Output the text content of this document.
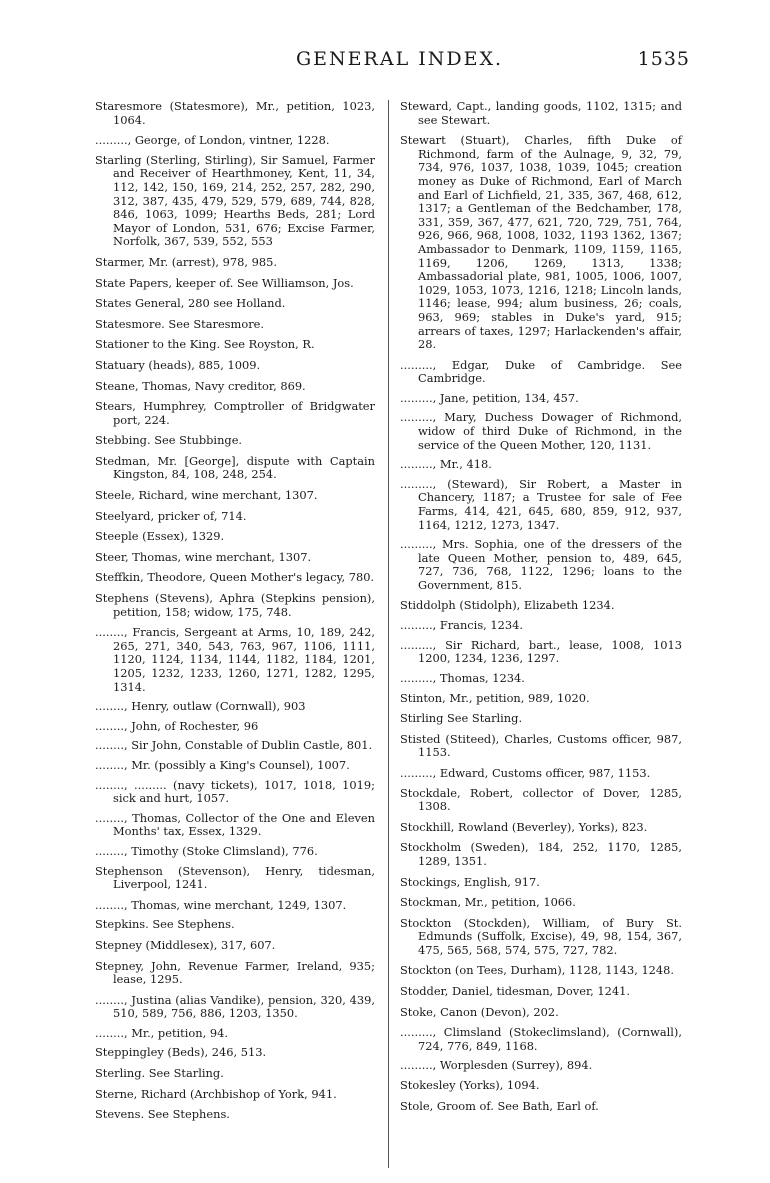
GENERAL INDEX.	1535
Staresmore (Statesmore), Mr., petition, 1023, 1064.
........., George, of London, vintner, 1228.
Starling (Sterling, Stirling), Sir Samuel, Farmer and Receiver of Hearthmoney, Kent, 11, 34, 112, 142, 150, 169, 214, 252, 257, 282, 290, 312, 387, 435, 479, 529, 579, 689, 744, 828, 846, 1063, 1099; Hearths Beds, 281; Lord Mayor of London, 531, 676; Excise Farmer, Norfolk, 367, 539, 552, 553
Starmer, Mr. (arrest), 978, 985.
State Papers, keeper of. See Williamson, Jos.
States General, 280 see Holland.
Statesmore. See Staresmore.
Stationer to the King. See Royston, R.
Statuary (heads), 885, 1009.
Steane, Thomas, Navy creditor, 869.
Stears, Humphrey, Comptroller of Bridgwater port, 224.
Stebbing. See Stubbinge.
Stedman, Mr. [George], dispute with Captain Kingston, 84, 108, 248, 254.
Steele, Richard, wine merchant, 1307.
Steelyard, pricker of, 714.
Steeple (Essex), 1329.
Steer, Thomas, wine merchant, 1307.
Steffkin, Theodore, Queen Mother's legacy, 780.
Stephens (Stevens), Aphra (Stepkins pension), petition, 158; widow, 175, 748.
........, Francis, Sergeant at Arms, 10, 189, 242, 265, 271, 340, 543, 763, 967, 1106, 1111, 1120, 1124, 1134, 1144, 1182, 1184, 1201, 1205, 1232, 1233, 1260, 1271, 1282, 1295, 1314.
........, Henry, outlaw (Cornwall), 903
........, John, of Rochester, 96
........, Sir John, Constable of Dublin Castle, 801.
........, Mr. (possibly a King's Counsel), 1007.
........, ......... (navy tickets), 1017, 1018, 1019; sick and hurt, 1057.
........, Thomas, Collector of the One and Eleven Months' tax, Essex, 1329.
........, Timothy (Stoke Climsland), 776.
Stephenson (Stevenson), Henry, tidesman, Liverpool, 1241.
........, Thomas, wine merchant, 1249, 1307.
Stepkins. See Stephens.
Stepney (Middlesex), 317, 607.
Stepney, John, Revenue Farmer, Ireland, 935; lease, 1295.
........, Justina (alias Vandike), pension, 320, 439, 510, 589, 756, 886, 1203, 1350.
........, Mr., petition, 94.
Steppingley (Beds), 246, 513.
Sterling. See Starling.
Sterne, Richard (Archbishop of York, 941.
Stevens. See Stephens.
Steward, Capt., landing goods, 1102, 1315; and see Stewart.
Stewart (Stuart), Charles, fifth Duke of Richmond, farm of the Aulnage, 9, 32, 79, 734, 976, 1037, 1038, 1039, 1045; creation money as Duke of Richmond, Earl of March and Earl of Lichfield, 21, 335, 367, 468, 612, 1317; a Gentleman of the Bedchamber, 178, 331, 359, 367, 477, 621, 720, 729, 751, 764, 926, 966, 968, 1008, 1032, 1193 1362, 1367; Ambassador to Denmark, 1109, 1159, 1165, 1169, 1206, 1269, 1313, 1338; Ambassadorial plate, 981, 1005, 1006, 1007, 1029, 1053, 1073, 1216, 1218; Lincoln lands, 1146; lease, 994; alum business, 26; coals, 963, 969; stables in Duke's yard, 915; arrears of taxes, 1297; Harlackenden's affair, 28.
........., Edgar, Duke of Cambridge. See Cambridge.
........., Jane, petition, 134, 457.
........., Mary, Duchess Dowager of Richmond, widow of third Duke of Richmond, in the service of the Queen Mother, 120, 1131.
........., Mr., 418.
........., (Steward), Sir Robert, a Master in Chancery, 1187; a Trustee for sale of Fee Farms, 414, 421, 645, 680, 859, 912, 937, 1164, 1212, 1273, 1347.
........., Mrs. Sophia, one of the dressers of the late Queen Mother, pension to, 489, 645, 727, 736, 768, 1122, 1296; loans to the Government, 815.
Stiddolph (Stidolph), Elizabeth 1234.
........., Francis, 1234.
........., Sir Richard, bart., lease, 1008, 1013 1200, 1234, 1236, 1297.
........., Thomas, 1234.
Stinton, Mr., petition, 989, 1020.
Stirling See Starling.
Stisted (Stiteed), Charles, Customs officer, 987, 1153.
........., Edward, Customs officer, 987, 1153.
Stockdale, Robert, collector of Dover, 1285, 1308.
Stockhill, Rowland (Beverley), Yorks), 823.
Stockholm (Sweden), 184, 252, 1170, 1285, 1289, 1351.
Stockings, English, 917.
Stockman, Mr., petition, 1066.
Stockton (Stockden), William, of Bury St. Edmunds (Suffolk, Excise), 49, 98, 154, 367, 475, 565, 568, 574, 575, 727, 782.
Stockton (on Tees, Durham), 1128, 1143, 1248.
Stodder, Daniel, tidesman, Dover, 1241.
Stoke, Canon (Devon), 202.
........., Climsland (Stokeclimsland), (Cornwall), 724, 776, 849, 1168.
........., Worplesden (Surrey), 894.
Stokesley (Yorks), 1094.
Stole, Groom of. See Bath, Earl of.
